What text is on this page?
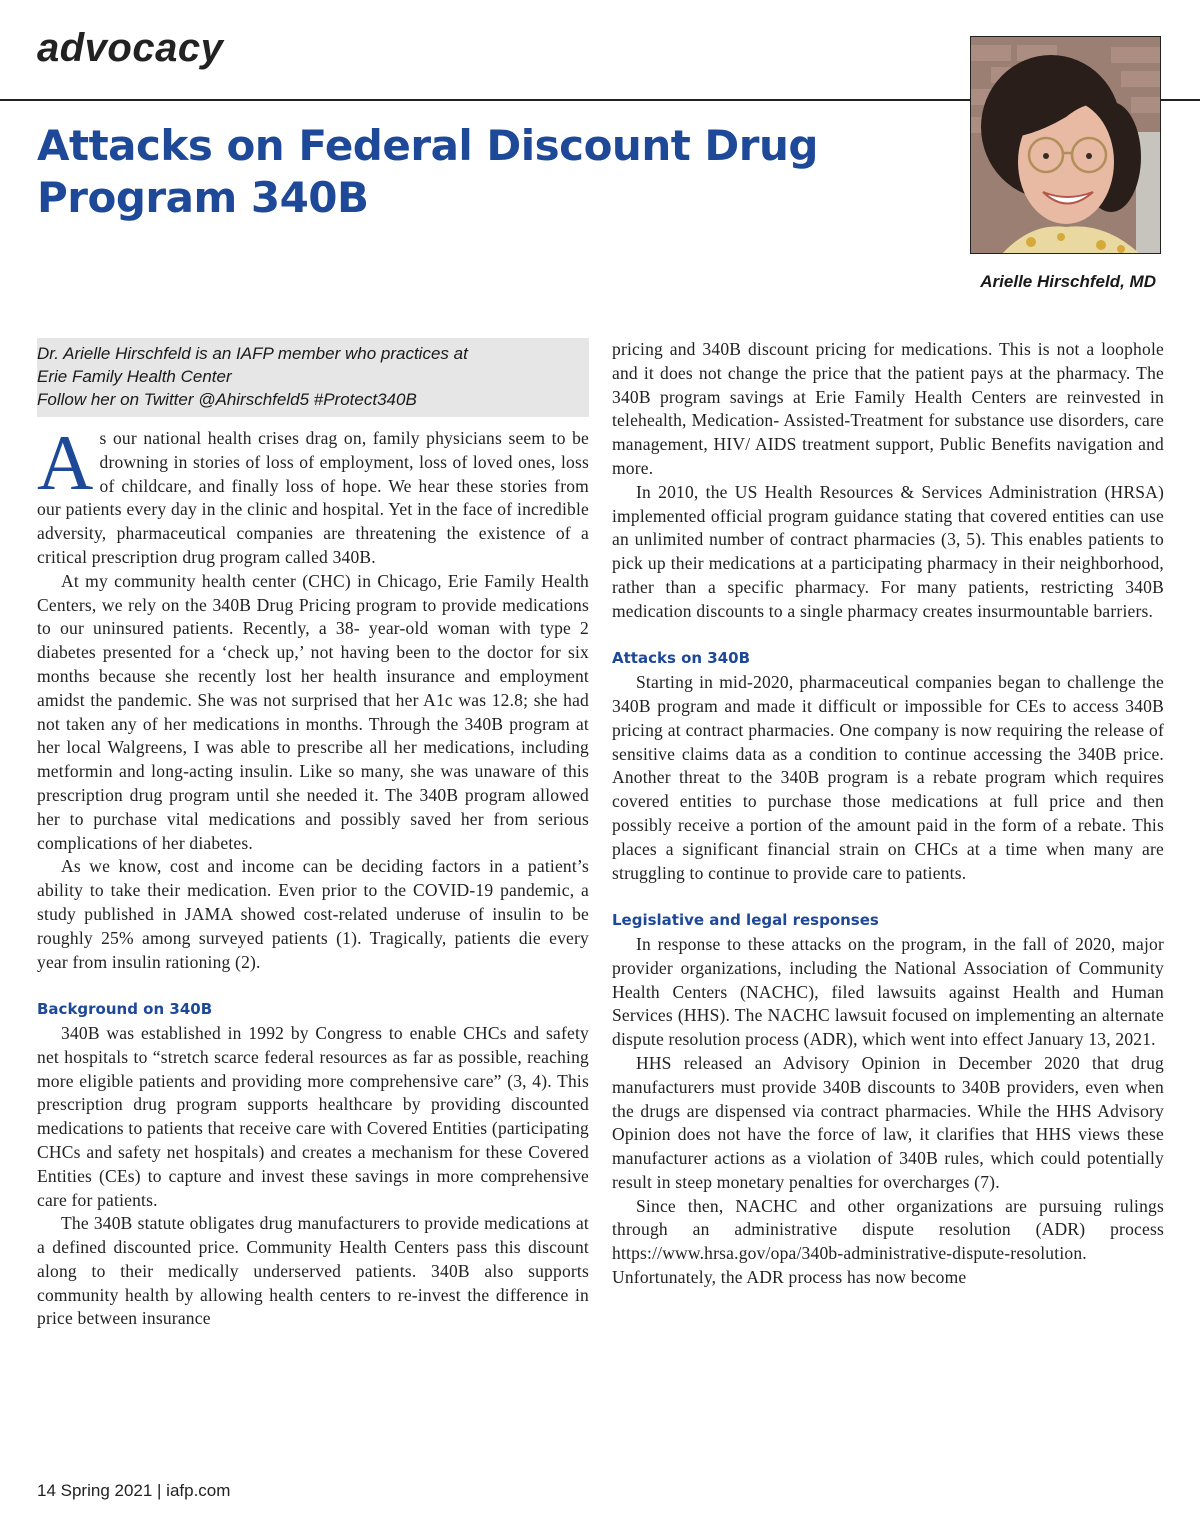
advocacy
Attacks on Federal Discount Drug Program 340B

Arielle Hirschfeld, MD

Dr. Arielle Hirschfeld is an IAFP member who practices at

Erie Family Health Center

Follow her on Twitter @Ahirschfeld5 #Protect340B

As our national health crises drag on, family physicians seem to be drowning in stories of loss of employment, loss of loved ones, loss of childcare, and finally loss of hope. We hear these stories from our patients every day in the clinic and hospital. Yet in the face of incredible adversity, pharmaceutical companies are threatening the existence of a critical prescription drug program called 340B.

At my community health center (CHC) in Chicago, Erie Family Health Centers, we rely on the 340B Drug Pricing program to provide medications to our uninsured patients. Recently, a 38- year-old woman with type 2 diabetes presented for a ‘check up,’ not having been to the doctor for six months because she recently lost her health insurance and employment amidst the pandemic. She was not surprised that her A1c was 12.8; she had not taken any of her medications in months. Through the 340B program at her local Walgreens, I was able to prescribe all her medications, including metformin and long-acting insulin. Like so many, she was unaware of this prescription drug program until she needed it. The 340B program allowed her to purchase vital medications and possibly saved her from serious complications of her diabetes.

As we know, cost and income can be deciding factors in a patient’s ability to take their medication. Even prior to the COVID-19 pandemic, a study published in JAMA showed cost-related underuse of insulin to be roughly 25% among surveyed patients (1). Tragically, patients die every year from insulin rationing (2).

Background on 340B

340B was established in 1992 by Congress to enable CHCs and safety net hospitals to “stretch scarce federal resources as far as possible, reaching more eligible patients and providing more comprehensive care” (3, 4). This prescription drug program supports healthcare by providing discounted medications to patients that receive care with Covered Entities (participating CHCs and safety net hospitals) and creates a mechanism for these Covered Entities (CEs) to capture and invest these savings in more comprehensive care for patients.

The 340B statute obligates drug manufacturers to provide medications at a defined discounted price. Community Health Centers pass this discount along to their medically underserved patients. 340B also supports community health by allowing health centers to re-invest the difference in price between insurance

pricing and 340B discount pricing for medications. This is not a loophole and it does not change the price that the patient pays at the pharmacy. The 340B program savings at Erie Family Health Centers are reinvested in telehealth, Medication- Assisted-Treatment for substance use disorders, care management, HIV/ AIDS treatment support, Public Benefits navigation and more.

In 2010, the US Health Resources & Services Administration (HRSA) implemented official program guidance stating that covered entities can use an unlimited number of contract pharmacies (3, 5). This enables patients to pick up their medications at a participating pharmacy in their neighborhood, rather than a specific pharmacy. For many patients, restricting 340B medication discounts to a single pharmacy creates insurmountable barriers.

Attacks on 340B

Starting in mid-2020, pharmaceutical companies began to challenge the 340B program and made it difficult or impossible for CEs to access 340B pricing at contract pharmacies. One company is now requiring the release of sensitive claims data as a condition to continue accessing the 340B price. Another threat to the 340B program is a rebate program which requires covered entities to purchase those medications at full price and then possibly receive a portion of the amount paid in the form of a rebate. This places a significant financial strain on CHCs at a time when many are struggling to continue to provide care to patients.

Legislative and legal responses

In response to these attacks on the program, in the fall of 2020, major provider organizations, including the National Association of Community Health Centers (NACHC), filed lawsuits against Health and Human Services (HHS). The NACHC lawsuit focused on implementing an alternate dispute resolution process (ADR), which went into effect January 13, 2021.

HHS released an Advisory Opinion in December 2020 that drug manufacturers must provide 340B discounts to 340B providers, even when the drugs are dispensed via contract pharmacies. While the HHS Advisory Opinion does not have the force of law, it clarifies that HHS views these manufacturer actions as a violation of 340B rules, which could potentially result in steep monetary penalties for overcharges (7).

Since then, NACHC and other organizations are pursuing rulings through an administrative dispute resolution (ADR) process https://www.hrsa.gov/opa/340b-administrative-dispute-resolution. Unfortunately, the ADR process has now become

14 Spring 2021 | iafp.com
